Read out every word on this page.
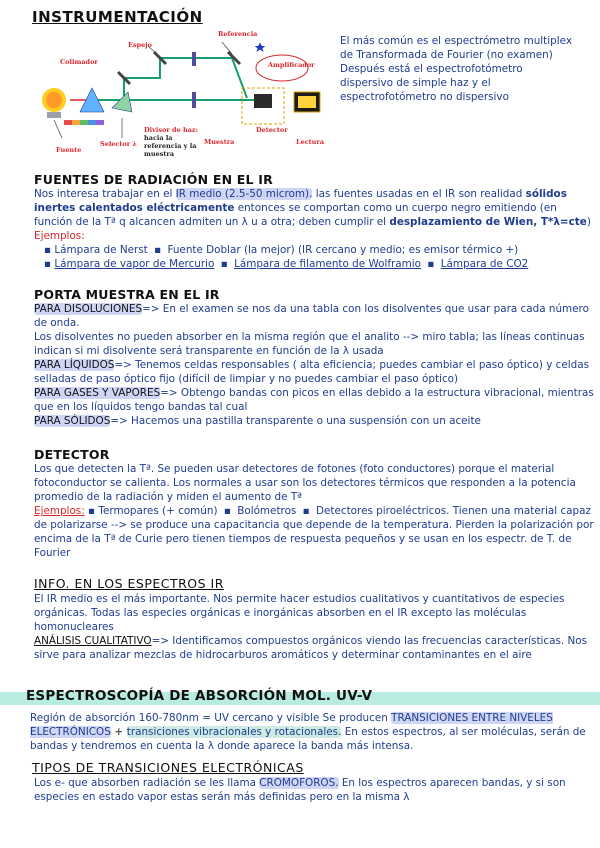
INSTRUMENTACIÓN
Referencia
Espejo
Colimador	Amplificador
Fuente
Selector λ
Divisor de haz:
hacia la
referencia y la
muestra
Muestra
Detector
Lectura

El más común es el espectrómetro multiplex

de Transformada de Fourier (no examen)

Después está el espectrofotómetro

dispersivo de simple haz y el

espectrofotómetro no dispersivo

FUENTES DE RADIACIÓN EN EL IR

Nos interesa trabajar en el IR medio (2.5-50 microm). las fuentes usadas en el IR son realidad sólidos inertes calentados eléctricamente entonces se comportan como un cuerpo negro emitiendo (en función de la Tª q alcancen admiten un λ u a otra; deben cumplir el desplazamiento de Wien, T*λ=cte)

Ejemplos:

▪ Lámpara de Nerst ▪ Fuente Doblar (la mejor) (IR cercano y medio; es emisor térmico +)

▪ Lámpara de vapor de Mercurio ▪ Lámpara de filamento de Wolframio ▪ Lámpara de CO2

PORTA MUESTRA EN EL IR

PARA DISOLUCIONES=> En el examen se nos da una tabla con los disolventes que usar para cada número de onda.

Los disolventes no pueden absorber en la misma región que el analito --> miro tabla; las líneas continuas indican si mi disolvente será transparente en función de la λ usada

PARA LÍQUIDOS=> Tenemos celdas responsables ( alta eficiencia; puedes cambiar el paso óptico) y celdas selladas de paso óptico fijo (difícil de limpiar y no puedes cambiar el paso óptico)

PARA GASES Y VAPORES=> Obtengo bandas con picos en ellas debido a la estructura vibracional, mientras que en los líquidos tengo bandas tal cual

PARA SÓLIDOS=> Hacemos una pastilla transparente o una suspensión con un aceite

DETECTOR

Los que detecten la Tª. Se pueden usar detectores de fotones (foto conductores) porque el material fotoconductor se calienta. Los normales a usar son los detectores térmicos que responden a la potencia promedio de la radiación y miden el aumento de Tª

Ejemplos: ▪ Termopares (+ común) ▪ Bolómetros ▪ Detectores piroeléctricos. Tienen una material capaz de polarizarse --> se produce una capacitancia que depende de la temperatura. Pierden la polarización por encima de la Tª de Curie pero tienen tiempos de respuesta pequeños y se usan en los espectr. de T. de Fourier

INFO. EN LOS ESPECTROS IR

El IR medio es el más importante. Nos permite hacer estudios cualitativos y cuantitativos de especies orgánicas. Todas las especies orgánicas e inorgánicas absorben en el IR excepto las moléculas homonucleares

ANÁLISIS CUALITATIVO=> Identificamos compuestos orgánicos viendo las frecuencias características. Nos sirve para analizar mezclas de hidrocarburos aromáticos y determinar contaminantes en el aire

ESPECTROSCOPÍA DE ABSORCIÓN MOL. UV-V

Región de absorción 160-780nm = UV cercano y visible Se producen TRANSICIONES ENTRE NIVELES ELECTRÓNICOS + transiciones vibracionales y rotacionales. En estos espectros, al ser moléculas, serán de bandas y tendremos en cuenta la λ donde aparece la banda más intensa.

TIPOS DE TRANSICIONES ELECTRÓNICAS

Los e- que absorben radiación se les llama CROMOFOROS. En los espectros aparecen bandas, y si son especies en estado vapor estas serán más definidas pero en la misma λ
